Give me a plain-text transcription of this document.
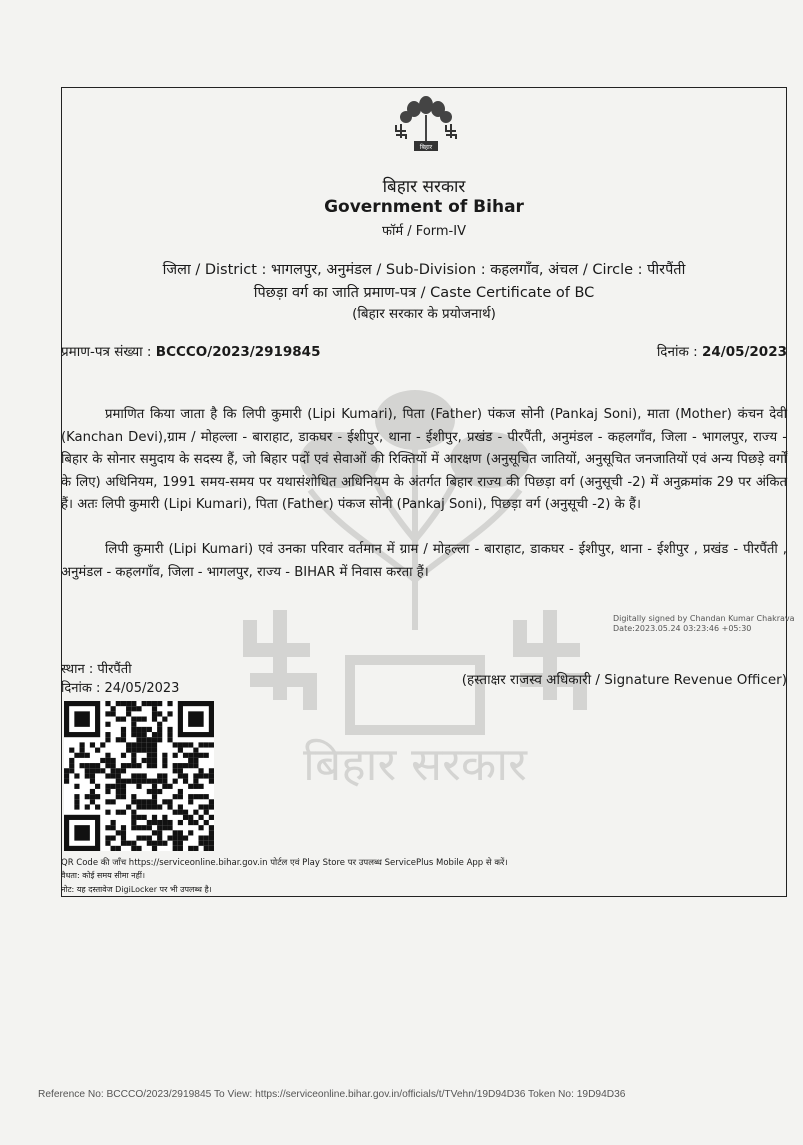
बिहार सरकार
बिहार
बिहार सरकार
Government of Bihar
फॉर्म / Form-IV
जिला / District : भागलपुर, अनुमंडल / Sub-Division : कहलगाँव, अंचल / Circle : पीरपैंती
पिछड़ा वर्ग का जाति प्रमाण-पत्र / Caste Certificate of BC
(बिहार सरकार के प्रयोजनार्थ)
प्रमाण-पत्र संख्या : BCCCO/2023/2919845	दिनांक : 24/05/2023

प्रमाणित किया जाता है कि लिपी कुमारी (Lipi Kumari), पिता (Father) पंकज सोनी (Pankaj Soni), माता (Mother) कंचन देवी (Kanchan Devi),ग्राम / मोहल्ला - बाराहाट, डाकघर - ईशीपुर, थाना - ईशीपुर, प्रखंड - पीरपैंती, अनुमंडल - कहलगाँव, जिला - भागलपुर, राज्य - बिहार के सोनार समुदाय के सदस्य हैं, जो बिहार पदों एवं सेवाओं की रिक्तियों में आरक्षण (अनुसूचित जातियों, अनुसूचित जनजातियों एवं अन्य पिछड़े वर्गों के लिए) अधिनियम, 1991 समय-समय पर यथासंशोधित अधिनियम के अंतर्गत बिहार राज्य की पिछड़ा वर्ग (अनुसूची -2) में अनुक्रमांक 29 पर अंकित हैं। अतः लिपी कुमारी (Lipi Kumari), पिता (Father) पंकज सोनी (Pankaj Soni), पिछड़ा वर्ग (अनुसूची -2) के हैं।

लिपी कुमारी (Lipi Kumari) एवं उनका परिवार वर्तमान में ग्राम / मोहल्ला - बाराहाट, डाकघर - ईशीपुर, थाना - ईशीपुर , प्रखंड - पीरपैंती , अनुमंडल - कहलगाँव, जिला - भागलपुर, राज्य - BIHAR में निवास करता हैं।

Digitally signed by Chandan Kumar Chakrava
Date:2023.05.24 03:23:46 +05:30
स्थान : पीरपैंती
दिनांक : 24/05/2023
(हस्ताक्षर राजस्व अधिकारी / Signature Revenue Officer)
QR Code की जाँच https://serviceonline.bihar.gov.in पोर्टल एवं Play Store पर उपलब्ध ServicePlus Mobile App से करें।
वैधता: कोई समय सीमा नहीं।
नोट: यह दस्तावेज DigiLocker पर भी उपलब्ध है।
Reference No: BCCCO/2023/2919845 To View: https://serviceonline.bihar.gov.in/officials/t/TVehn/19D94D36 Token No: 19D94D36
